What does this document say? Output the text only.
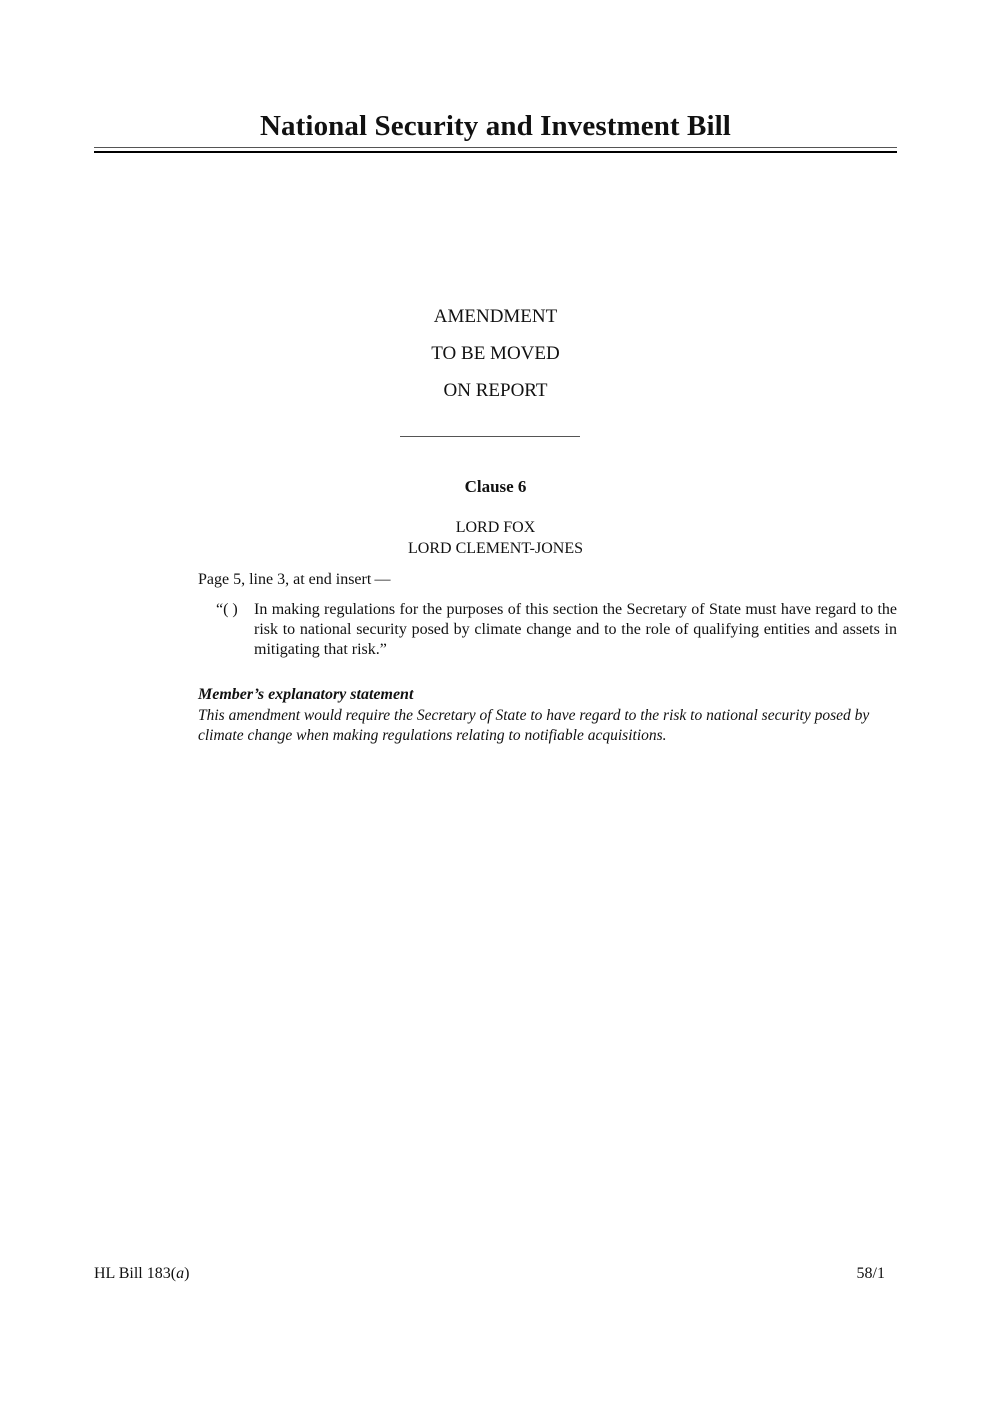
National Security and Investment Bill
AMENDMENT
TO BE MOVED
ON REPORT
Clause 6
LORD FOX
LORD CLEMENT-JONES
Page 5, line 3, at end insert —
“( )	In making regulations for the purposes of this section the Secretary of State must have regard to the risk to national security posed by climate change and to the role of qualifying entities and assets in mitigating that risk.”
Member’s explanatory statement
This amendment would require the Secretary of State to have regard to the risk to national security posed by climate change when making regulations relating to notifiable acquisitions.
HL Bill 183(a)	58/1
